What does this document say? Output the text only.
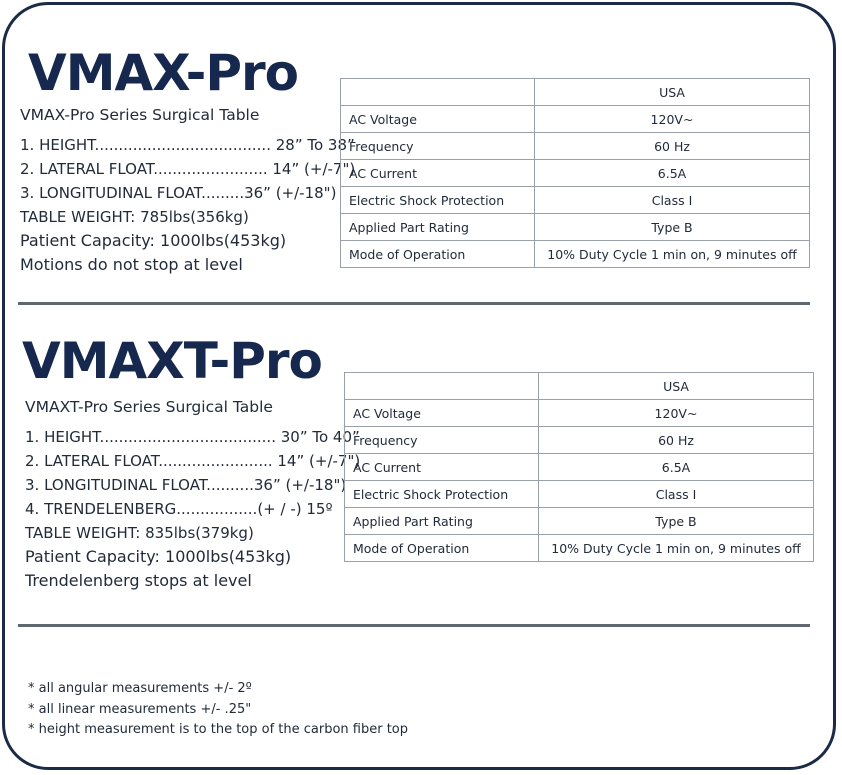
VMAX-Pro
VMAX-Pro Series Surgical Table
1. HEIGHT..................................... 28” To 38”
2. LATERAL FLOAT........................ 14” (+/-7")
3. LONGITUDINAL FLOAT.........36” (+/-18")
TABLE WEIGHT: 785lbs(356kg)
Patient Capacity: 1000lbs(453kg)
Motions do not stop at level
	USA
AC Voltage	120V~
Frequency	60 Hz
AC Current	6.5A
Electric Shock Protection	Class I
Applied Part Rating	Type B
Mode of Operation	10% Duty Cycle 1 min on, 9 minutes off
VMAXT-Pro
VMAXT-Pro Series Surgical Table
1. HEIGHT..................................... 30” To 40”
2. LATERAL FLOAT........................ 14” (+/-7")
3. LONGITUDINAL FLOAT..........36” (+/-18")
4. TRENDELENBERG.................(+ / -) 15º
TABLE WEIGHT: 835lbs(379kg)
Patient Capacity: 1000lbs(453kg)
Trendelenberg stops at level
	USA
AC Voltage	120V~
Frequency	60 Hz
AC Current	6.5A
Electric Shock Protection	Class I
Applied Part Rating	Type B
Mode of Operation	10% Duty Cycle 1 min on, 9 minutes off
* all angular measurements +/- 2º
* all linear measurements +/- .25"
* height measurement is to the top of the carbon fiber top
